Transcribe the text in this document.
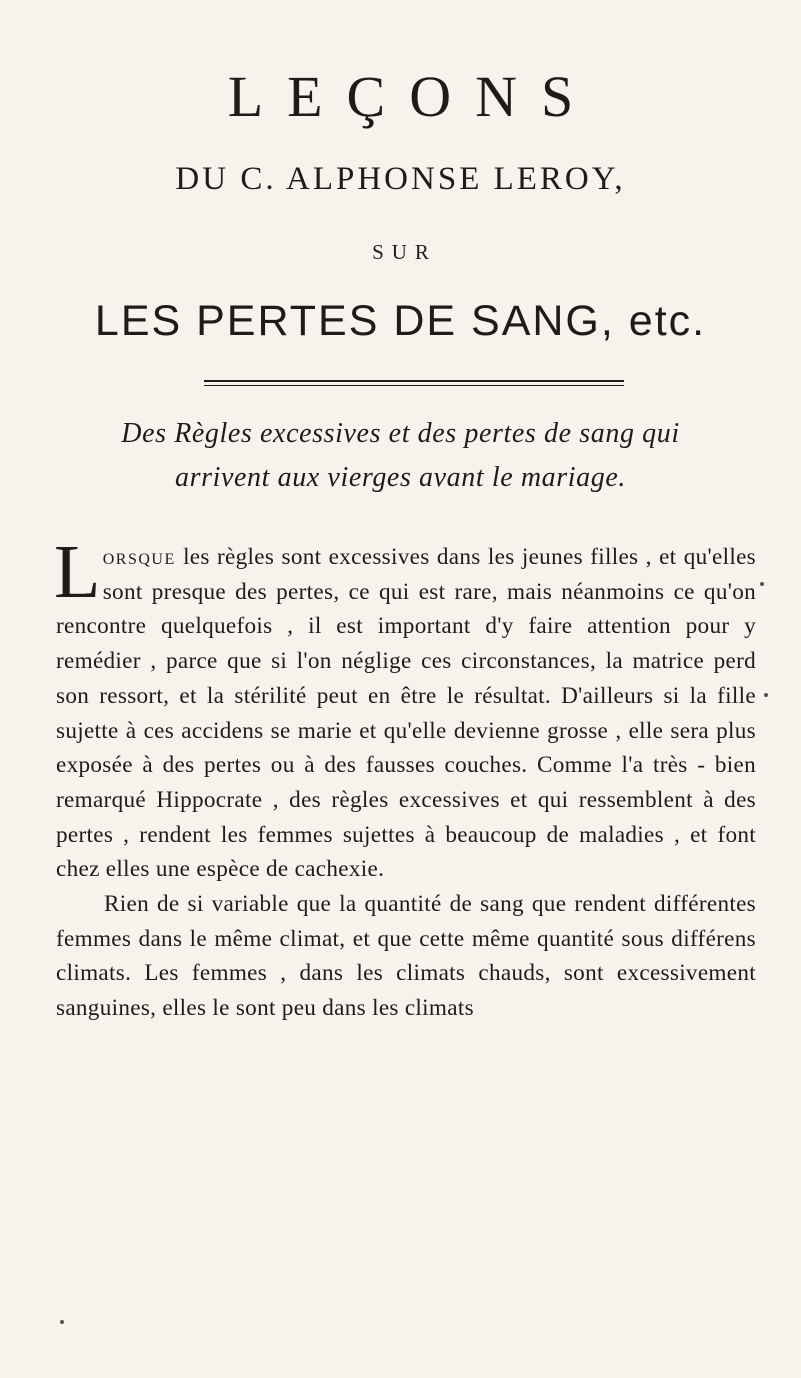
LEÇONS
DU C. ALPHONSE LEROY,
SUR
LES PERTES DE SANG, etc.
Des Règles excessives et des pertes de sang qui
arrivent aux vierges avant le mariage.

Lorsque les règles sont excessives dans les jeunes filles , et qu'elles sont presque des pertes, ce qui est rare, mais néanmoins ce qu'on rencontre quelquefois , il est important d'y faire attention pour y remédier , parce que si l'on néglige ces circonstances, la matrice perd son ressort, et la stérilité peut en être le résultat. D'ailleurs si la fille sujette à ces accidens se marie et qu'elle devienne grosse , elle sera plus exposée à des pertes ou à des fausses couches. Comme l'a très - bien remarqué Hippocrate , des règles excessives et qui ressemblent à des pertes , rendent les femmes sujettes à beaucoup de maladies , et font chez elles une espèce de cachexie.

Rien de si variable que la quantité de sang que rendent différentes femmes dans le même climat, et que cette même quantité sous différens climats. Les femmes , dans les climats chauds, sont excessivement sanguines, elles le sont peu dans les climats
